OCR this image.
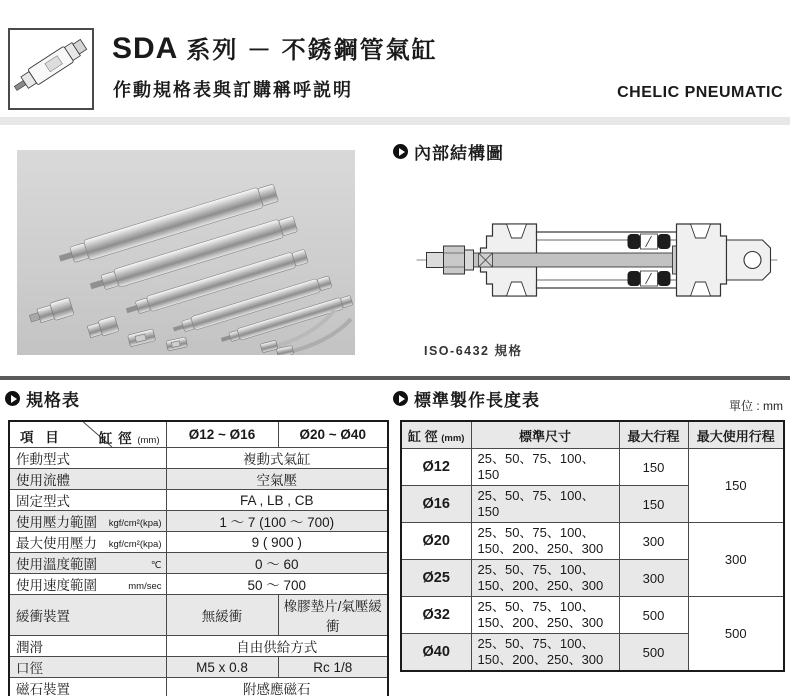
SDA 系列 － 不銹鋼管氣缸
作動規格表與訂購稱呼説明	CHELIC PNEUMATIC
內部結構圖
ISO-6432 規格
規格表	標準製作長度表	單位 : mm
項 目 缸 徑 (mm)	Ø12 ~ Ø16	Ø20 ~ Ø40
作動型式	複動式氣缸	
使用流體	空氣壓	
固定型式	FA , LB , CB	
使用壓力範圍 kgf/cm²(kpa)	1 ～ 7 (100 ～ 700)	
最大使用壓力 kgf/cm²(kpa)	9 ( 900 )	
使用溫度範圍 ℃	0 ～ 60	
使用速度範圍 mm/sec	50 ～ 700	
緩衝裝置	無緩衝	橡膠墊片/氣壓緩衝
潤滑	自由供給方式	
口徑	M5 x 0.8	Rc 1/8
磁石裝置	附感應磁石	
缸 徑 (mm)	標準尺寸	最大行程	最大使用行程
Ø12	25、50、75、100、150	150	150
Ø16	25、50、75、100、150	150	
Ø20	25、50、75、100、150、200、250、300	300	300
Ø25	25、50、75、100、150、200、250、300	300	
Ø32	25、50、75、100、150、200、250、300	500	500
Ø40	25、50、75、100、150、200、250、300	500	
